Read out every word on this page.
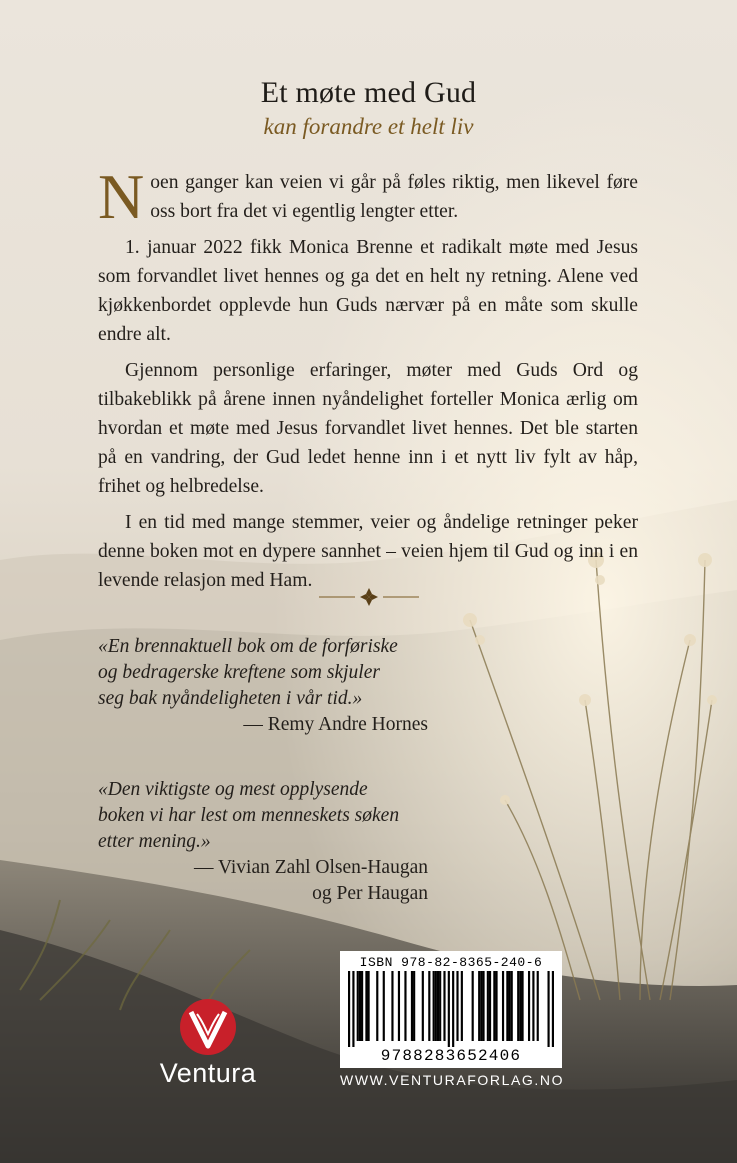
Et møte med Gud
kan forandre et helt liv

Noen ganger kan veien vi går på føles riktig, men likevel føre oss bort fra det vi egentlig lengter etter.

1. januar 2022 fikk Monica Brenne et radikalt møte med Jesus som forvandlet livet hennes og ga det en helt ny retning. Alene ved kjøkkenbordet opplevde hun Guds nærvær på en måte som skulle endre alt.

Gjennom personlige erfaringer, møter med Guds Ord og tilbakeblikk på årene innen nyåndelighet forteller Monica ærlig om hvordan et møte med Jesus forvandlet livet hennes. Det ble starten på en vandring, der Gud ledet henne inn i et nytt liv fylt av håp, frihet og helbredelse.

I en tid med mange stemmer, veier og åndelige retninger peker denne boken mot en dypere sannhet – veien hjem til Gud og inn i en levende relasjon med Ham.

«En brennaktuell bok om de forføriske
og bedragerske kreftene som skjuler
seg bak nyåndeligheten i vår tid.»
— Remy Andre Hornes
«Den viktigste og mest opplysende
boken vi har lest om menneskets søken
etter mening.»
— Vivian Zahl Olsen-Haugan
og Per Haugan
Ventura
ISBN 978-82-8365-240-6
9788283652406
WWW.VENTURAFORLAG.NO
